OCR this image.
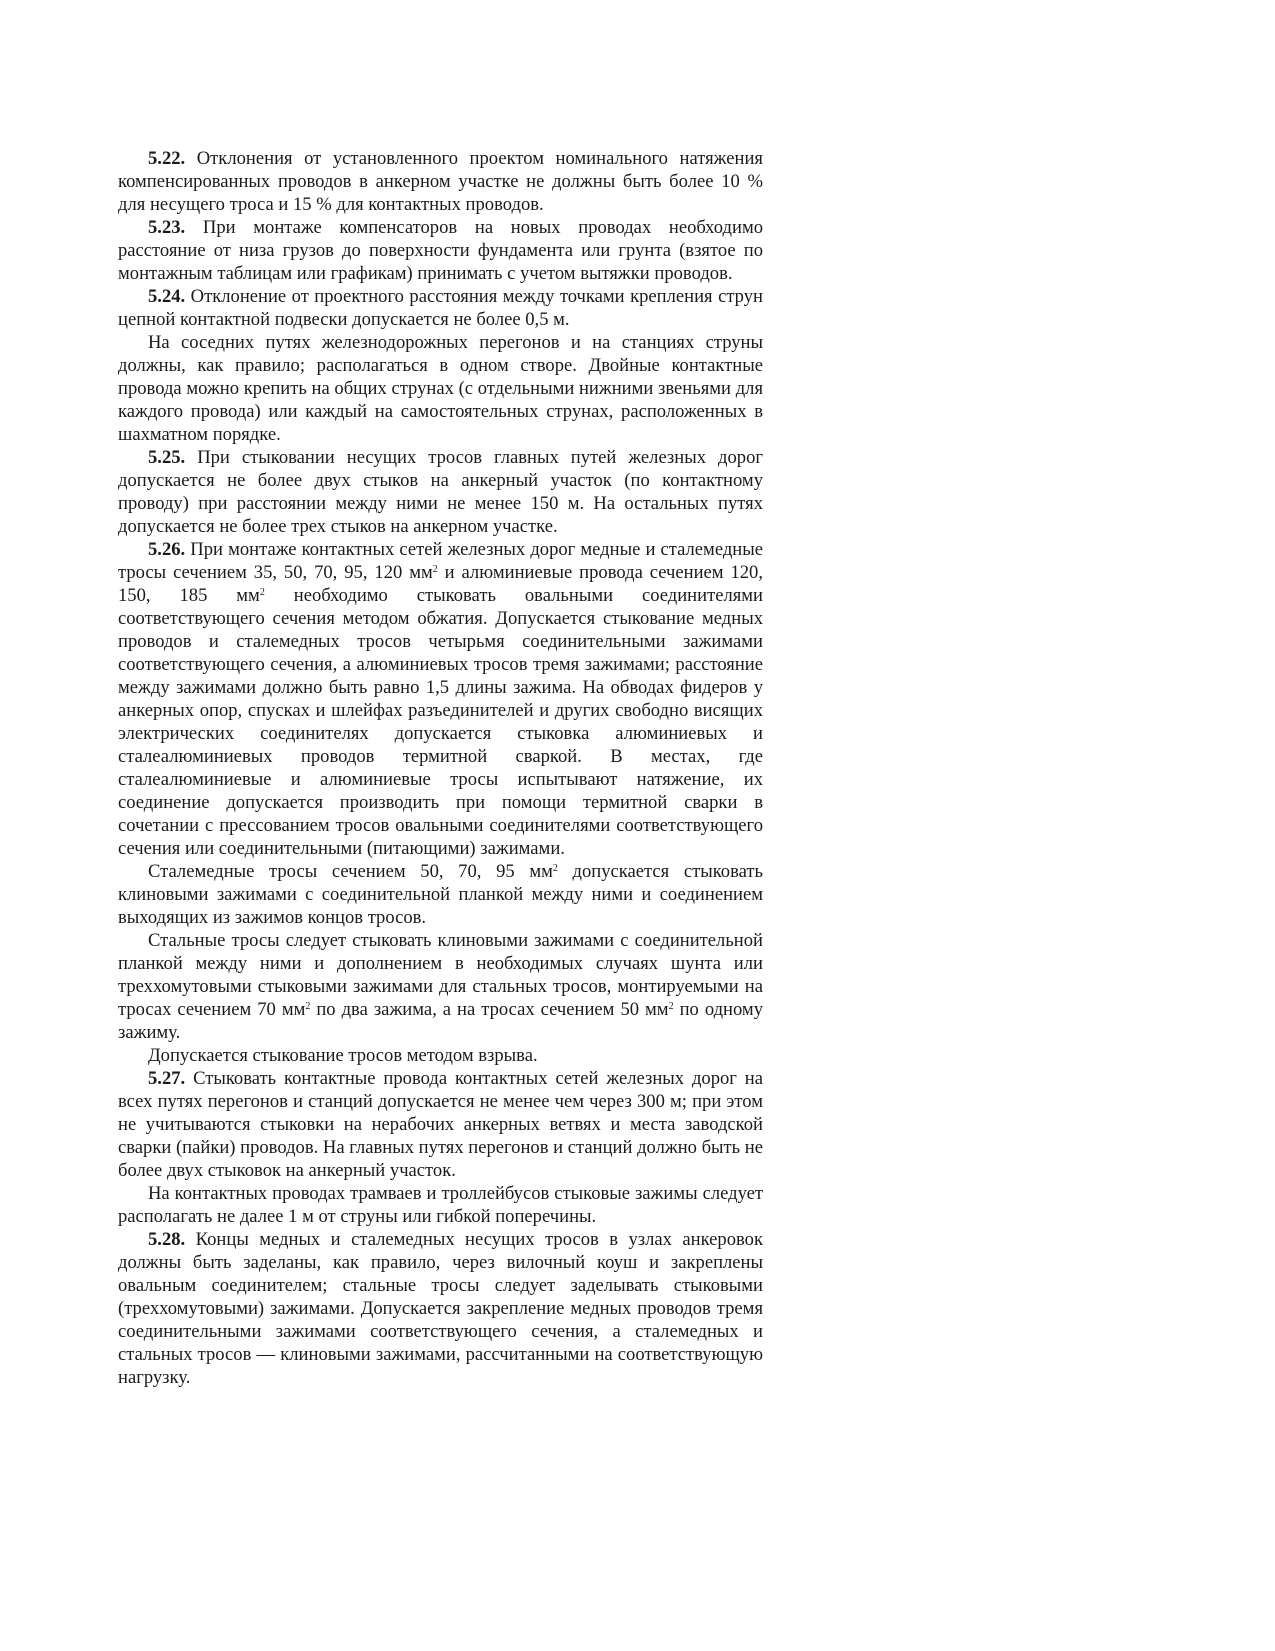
5.22. Отклонения от установленного проектом номинального натяжения компенсированных проводов в анкерном участке не должны быть более 10 % для несущего троса и 15 % для контактных проводов.

5.23. При монтаже компенсаторов на новых проводах необходимо расстояние от низа грузов до поверхности фундамента или грунта (взятое по монтажным таблицам или графикам) принимать с учетом вытяжки проводов.

5.24. Отклонение от проектного расстояния между точками крепления струн цепной контактной подвески допускается не более 0,5 м.

На соседних путях железнодорожных перегонов и на станциях струны должны, как правило; располагаться в одном створе. Двойные контактные провода можно крепить на общих струнах (с отдельными нижними звеньями для каждого провода) или каждый на самостоятельных струнах, расположенных в шахматном порядке.

5.25. При стыковании несущих тросов главных путей железных дорог допускается не более двух стыков на анкерный участок (по контактному проводу) при расстоянии между ними не менее 150 м. На остальных путях допускается не более трех стыков на анкерном участке.

5.26. При монтаже контактных сетей железных дорог медные и сталемедные тросы сечением 35, 50, 70, 95, 120 $мм^2$ и алюминиевые провода сечением 120, 150, 185 $мм^2$ необходимо стыковать овальными соединителями соответствующего сечения методом обжатия. Допускается стыкование медных проводов и сталемедных тросов четырьмя соединительными зажимами соответствующего сечения, а алюминиевых тросов тремя зажимами; расстояние между зажимами должно быть равно 1,5 длины зажима. На обводах фидеров у анкерных опор, спусках и шлейфах разъединителей и других свободно висящих электрических соединителях допускается стыковка алюминиевых и сталеалюминиевых проводов термитной сваркой. В местах, где сталеалюминиевые и алюминиевые тросы испытывают натяжение, их соединение допускается производить при помощи термитной сварки в сочетании с прессованием тросов овальными соединителями соответствующего сечения или соединительными (питающими) зажимами.

Сталемедные тросы сечением 50, 70, 95 $мм^2$ допускается стыковать клиновыми зажимами с соединительной планкой между ними и соединением выходящих из зажимов концов тросов.

Стальные тросы следует стыковать клиновыми зажимами с соединительной планкой между ними и дополнением в необходимых случаях шунта или треххомутовыми стыковыми зажимами для стальных тросов, монтируемыми на тросах сечением 70 $мм^2$ по два зажима, а на тросах сечением 50 $мм^2$ по одному зажиму.

Допускается стыкование тросов методом взрыва.

5.27. Стыковать контактные провода контактных сетей железных дорог на всех путях перегонов и станций допускается не менее чем через 300 м; при этом не учитываются стыковки на нерабочих анкерных ветвях и места заводской сварки (пайки) проводов. На главных путях перегонов и станций должно быть не более двух стыковок на анкерный участок.

На контактных проводах трамваев и троллейбусов стыковые зажимы следует располагать не далее 1 м от струны или гибкой поперечины.

5.28. Концы медных и сталемедных несущих тросов в узлах анкеровок должны быть заделаны, как правило, через вилочный коуш и закреплены овальным соединителем; стальные тросы следует заделывать стыковыми (треххомутовыми) зажимами. Допускается закрепление медных проводов тремя соединительными зажимами соответствующего сечения, а сталемедных и стальных тросов — клиновыми зажимами, рассчитанными на соответствующую нагрузку.
